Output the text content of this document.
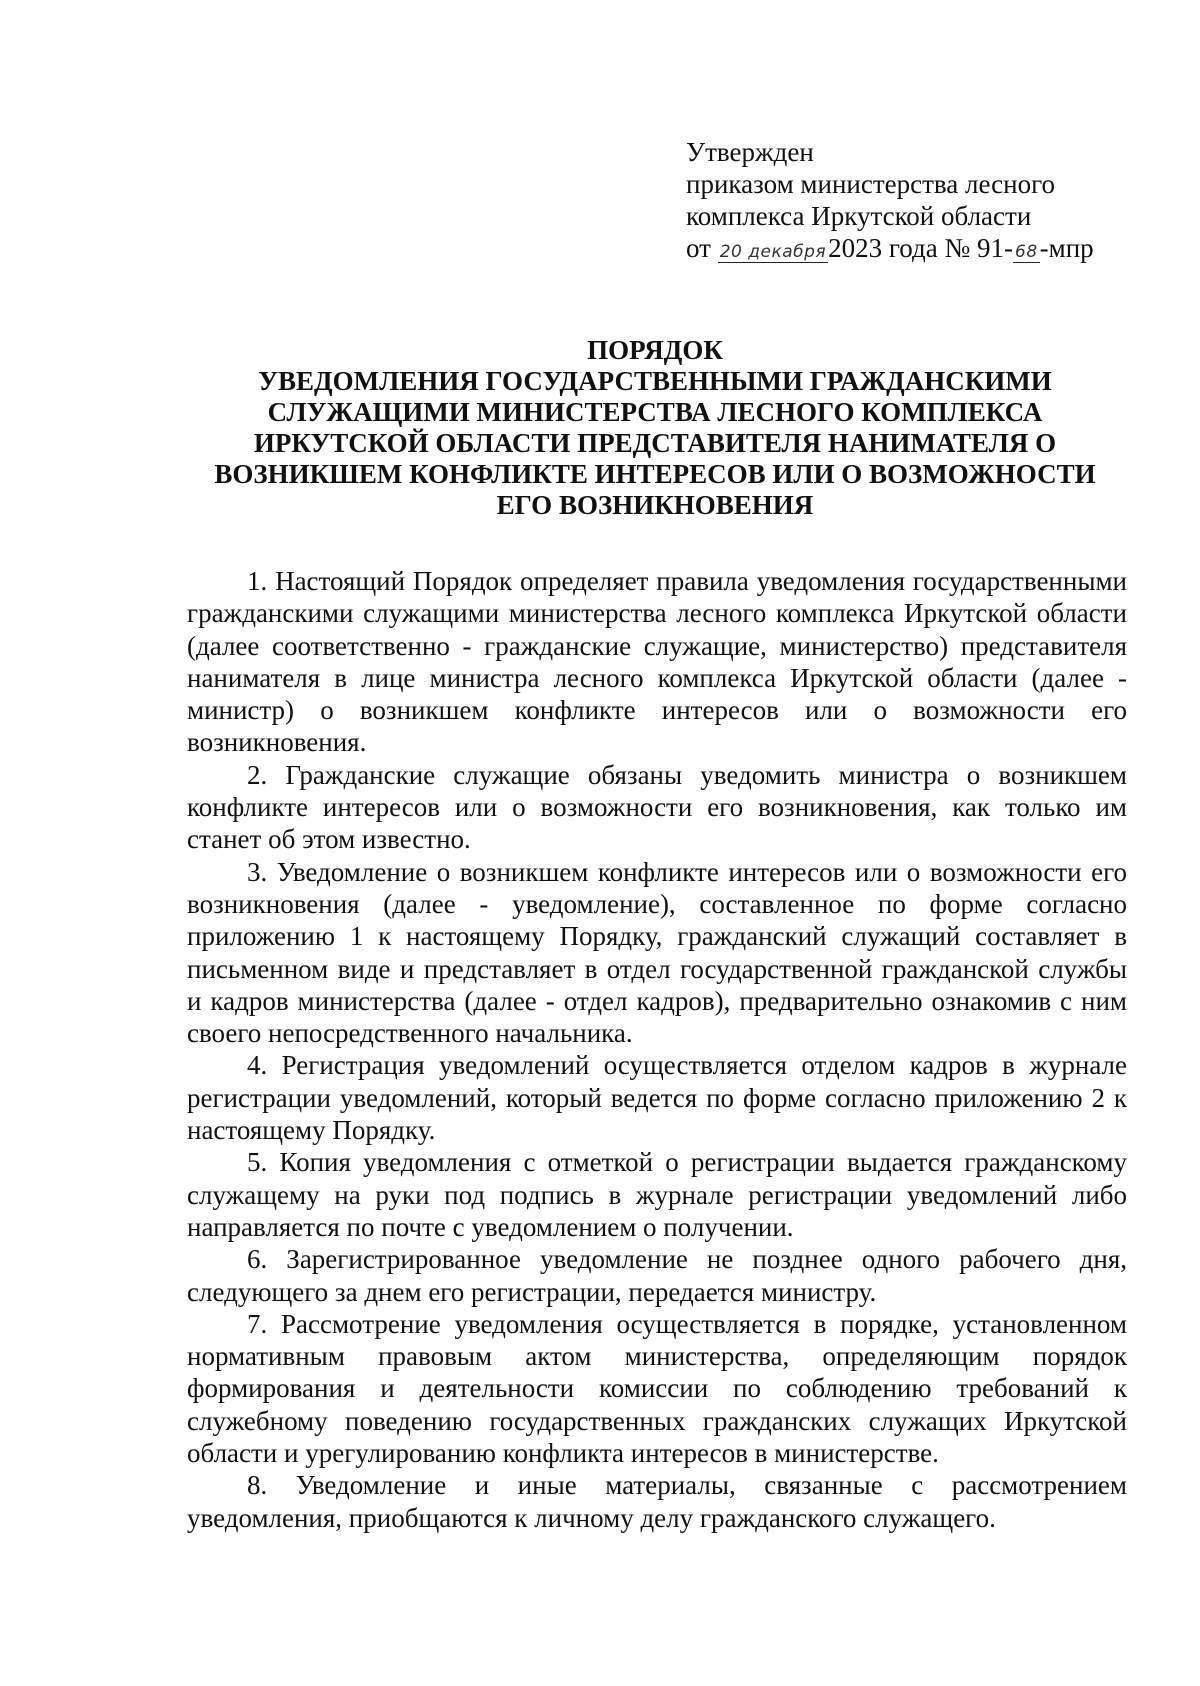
Утвержден
приказом министерства лесного
комплекса Иркутской области
от 20 декабря2023 года № 91- 68-мпр
ПОРЯДОК
УВЕДОМЛЕНИЯ ГОСУДАРСТВЕННЫМИ ГРАЖДАНСКИМИ
СЛУЖАЩИМИ МИНИСТЕРСТВА ЛЕСНОГО КОМПЛЕКСА
ИРКУТСКОЙ ОБЛАСТИ ПРЕДСТАВИТЕЛЯ НАНИМАТЕЛЯ О
ВОЗНИКШЕМ КОНФЛИКТЕ ИНТЕРЕСОВ ИЛИ О ВОЗМОЖНОСТИ
ЕГО ВОЗНИКНОВЕНИЯ

1. Настоящий Порядок определяет правила уведомления государственными гражданскими служащими министерства лесного комплекса Иркутской области (далее соответственно - гражданские служащие, министерство) представителя нанимателя в лице министра лесного комплекса Иркутской области (далее - министр) о возникшем конфликте интересов или о возможности его возникновения.

2. Гражданские служащие обязаны уведомить министра о возникшем конфликте интересов или о возможности его возникновения, как только им станет об этом известно.

3. Уведомление о возникшем конфликте интересов или о возможности его возникновения (далее - уведомление), составленное по форме согласно приложению 1 к настоящему Порядку, гражданский служащий составляет в письменном виде и представляет в отдел государственной гражданской службы и кадров министерства (далее - отдел кадров), предварительно ознакомив с ним своего непосредственного начальника.

4. Регистрация уведомлений осуществляется отделом кадров в журнале регистрации уведомлений, который ведется по форме согласно приложению 2 к настоящему Порядку.

5. Копия уведомления с отметкой о регистрации выдается гражданскому служащему на руки под подпись в журнале регистрации уведомлений либо направляется по почте с уведомлением о получении.

6. Зарегистрированное уведомление не позднее одного рабочего дня, следующего за днем его регистрации, передается министру.

7. Рассмотрение уведомления осуществляется в порядке, установленном нормативным правовым актом министерства, определяющим порядок формирования и деятельности комиссии по соблюдению требований к служебному поведению государственных гражданских служащих Иркутской области и урегулированию конфликта интересов в министерстве.

8. Уведомление и иные материалы, связанные с рассмотрением уведомления, приобщаются к личному делу гражданского служащего.
